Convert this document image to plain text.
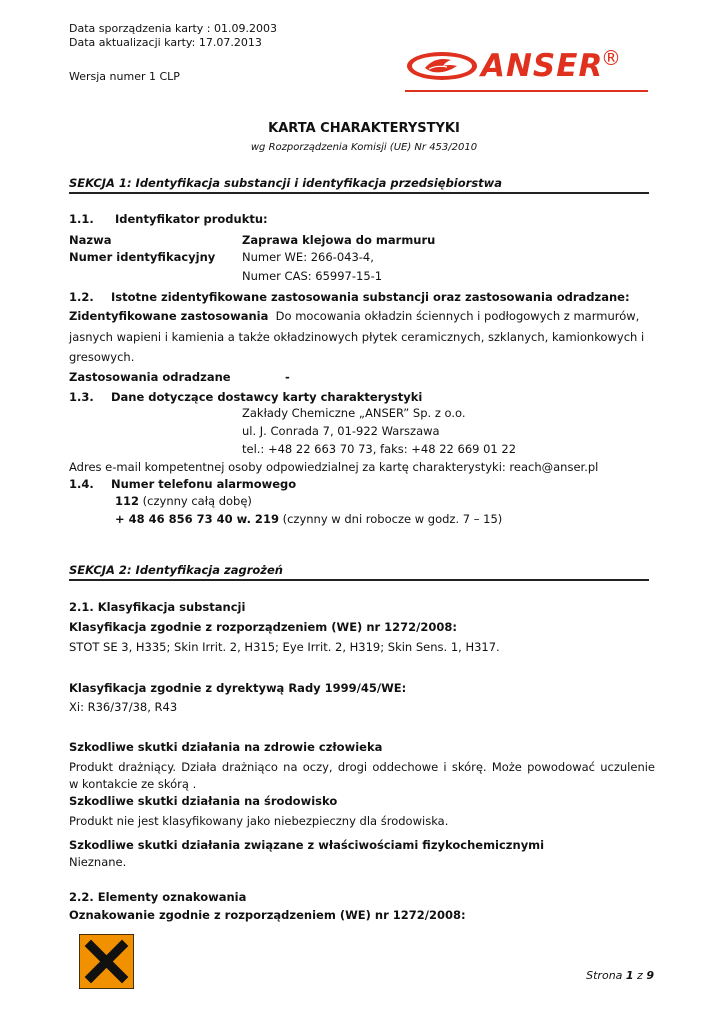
Data sporządzenia karty : 01.09.2003
Data aktualizacji karty: 17.07.2013
Wersja numer 1 CLP	ANSER
®
KARTA CHARAKTERYSTYKI
wg Rozporządzenia Komisji (UE) Nr 453/2010
SEKCJA 1: Identyfikacja substancji i identyfikacja przedsiębiorstwa
1.1. Identyfikator produktu:
Nazwa	Zaprawa klejowa do marmuru
Numer identyfikacyjny Numer WE: 266-043-4,
Numer CAS: 65997-15-1
1.2. Istotne zidentyfikowane zastosowania substancji oraz zastosowania odradzane:
Zidentyfikowane zastosowania Do mocowania okładzin ściennych i podłogowych z marmurów,
jasnych wapieni i kamienia a także okładzinowych płytek ceramicznych, szklanych, kamionkowych i
gresowych.
Zastosowania odradzane	-
1.3. Dane dotyczące dostawcy karty charakterystyki
Zakłady Chemiczne „ANSER” Sp. z o.o.
ul. J. Conrada 7, 01-922 Warszawa
tel.: +48 22 663 70 73, faks: +48 22 669 01 22
Adres e-mail kompetentnej osoby odpowiedzialnej za kartę charakterystyki: reach@anser.pl
1.4. Numer telefonu alarmowego
112 (czynny całą dobę)
+ 48 46 856 73 40 w. 219 (czynny w dni robocze w godz. 7 – 15)
SEKCJA 2: Identyfikacja zagrożeń
2.1. Klasyfikacja substancji
Klasyfikacja zgodnie z rozporządzeniem (WE) nr 1272/2008:
STOT SE 3, H335; Skin Irrit. 2, H315; Eye Irrit. 2, H319; Skin Sens. 1, H317.
Klasyfikacja zgodnie z dyrektywą Rady 1999/45/WE:
Xi: R36/37/38, R43
Szkodliwe skutki działania na zdrowie człowieka
Produkt drażniący. Działa drażniąco na oczy, drogi oddechowe i skórę. Może powodować uczulenie
w kontakcie ze skórą .
Szkodliwe skutki działania na środowisko
Produkt nie jest klasyfikowany jako niebezpieczny dla środowiska.
Szkodliwe skutki działania związane z właściwościami fizykochemicznymi
Nieznane.
2.2. Elementy oznakowania
Oznakowanie zgodnie z rozporządzeniem (WE) nr 1272/2008:
Strona 1 z 9
